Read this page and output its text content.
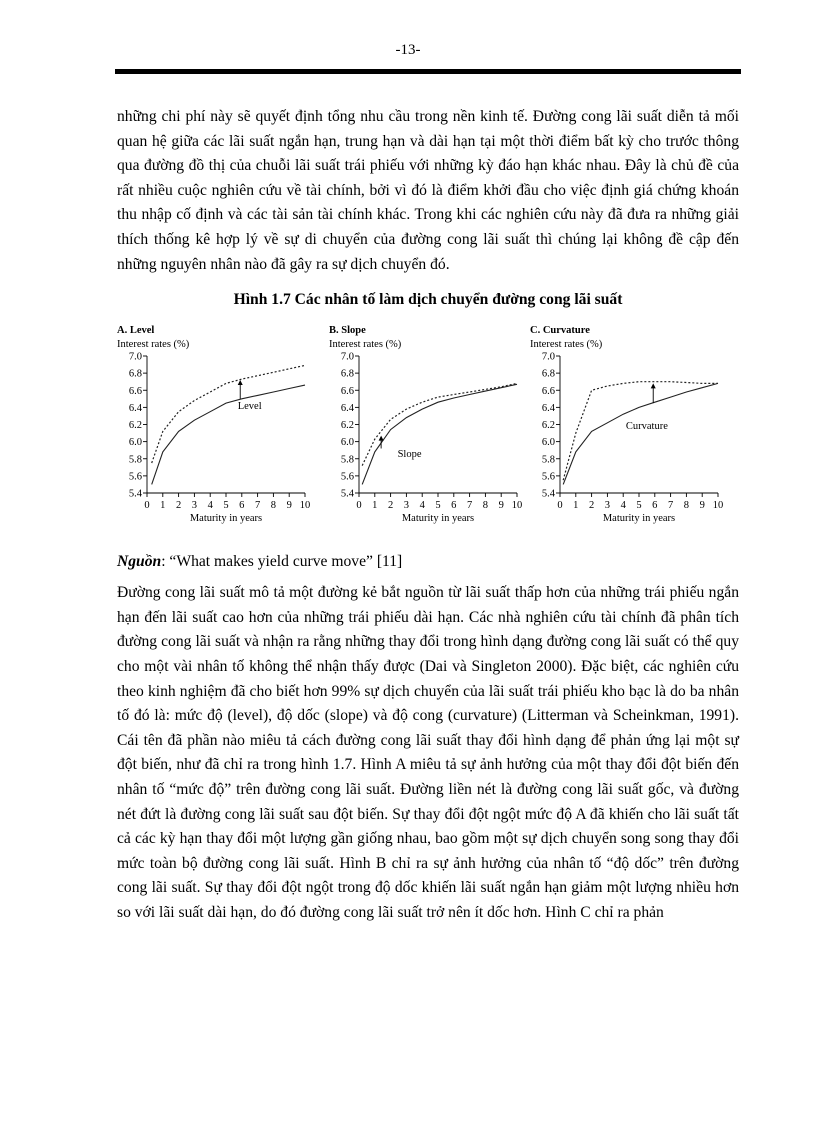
-13-

những chi phí này sẽ quyết định tổng nhu cầu trong nền kinh tế. Đường cong lãi suất diễn tả mối quan hệ giữa các lãi suất ngắn hạn, trung hạn và dài hạn tại một thời điểm bất kỳ cho trước thông qua đường đồ thị của chuỗi lãi suất trái phiếu với những kỳ đáo hạn khác nhau. Đây là chủ đề của rất nhiều cuộc nghiên cứu về tài chính, bởi vì đó là điểm khởi đầu cho việc định giá chứng khoán thu nhập cố định và các tài sản tài chính khác. Trong khi các nghiên cứu này đã đưa ra những giải thích thống kê hợp lý về sự di chuyển của đường cong lãi suất thì chúng lại không đề cập đến những nguyên nhân nào đã gây ra sự dịch chuyển đó.

Hình 1.7 Các nhân tố làm dịch chuyển đường cong lãi suất

A. Level
Interest rates (%)
5.4
5.6
5.8
6.0
6.2
6.4
6.6
6.8
7.0
0 1 2 3 4 5 6 7 8 9 10
Maturity in years
Level
B. Slope
Interest rates (%)
5.4
5.6
5.8
6.0
6.2
6.4
6.6
6.8
7.0
0 1 2 3 4 5 6 7 8 9 10
Maturity in years
Slope
C. Curvature
Interest rates (%)
5.4
5.6
5.8
6.0
6.2
6.4
6.6
6.8
7.0
0 1 2 3 4 5 6 7 8 9 10
Maturity in years
Curvature

Nguồn: “What makes yield curve move” [11]

Đường cong lãi suất mô tả một đường kẻ bắt nguồn từ lãi suất thấp hơn của những trái phiếu ngắn hạn đến lãi suất cao hơn của những trái phiếu dài hạn. Các nhà nghiên cứu tài chính đã phân tích đường cong lãi suất và nhận ra rằng những thay đổi trong hình dạng đường cong lãi suất có thể quy cho một vài nhân tố không thể nhận thấy được (Dai và Singleton 2000). Đặc biệt, các nghiên cứu theo kinh nghiệm đã cho biết hơn 99% sự dịch chuyển của lãi suất trái phiếu kho bạc là do ba nhân tố đó là: mức độ (level), độ dốc (slope) và độ cong (curvature) (Litterman và Scheinkman, 1991). Cái tên đã phần nào miêu tả cách đường cong lãi suất thay đổi hình dạng để phản ứng lại một sự đột biến, như đã chỉ ra trong hình 1.7. Hình A miêu tả sự ảnh hưởng của một thay đổi đột biến đến nhân tố “mức độ” trên đường cong lãi suất. Đường liền nét là đường cong lãi suất gốc, và đường nét đứt là đường cong lãi suất sau đột biến. Sự thay đổi đột ngột mức độ A đã khiến cho lãi suất tất cả các kỳ hạn thay đổi một lượng gần giống nhau, bao gồm một sự dịch chuyển song song thay đổi mức toàn bộ đường cong lãi suất. Hình B chỉ ra sự ảnh hưởng của nhân tố “độ dốc” trên đường cong lãi suất. Sự thay đổi đột ngột trong độ dốc khiến lãi suất ngắn hạn giảm một lượng nhiều hơn so với lãi suất dài hạn, do đó đường cong lãi suất trở nên ít dốc hơn. Hình C chỉ ra phản
